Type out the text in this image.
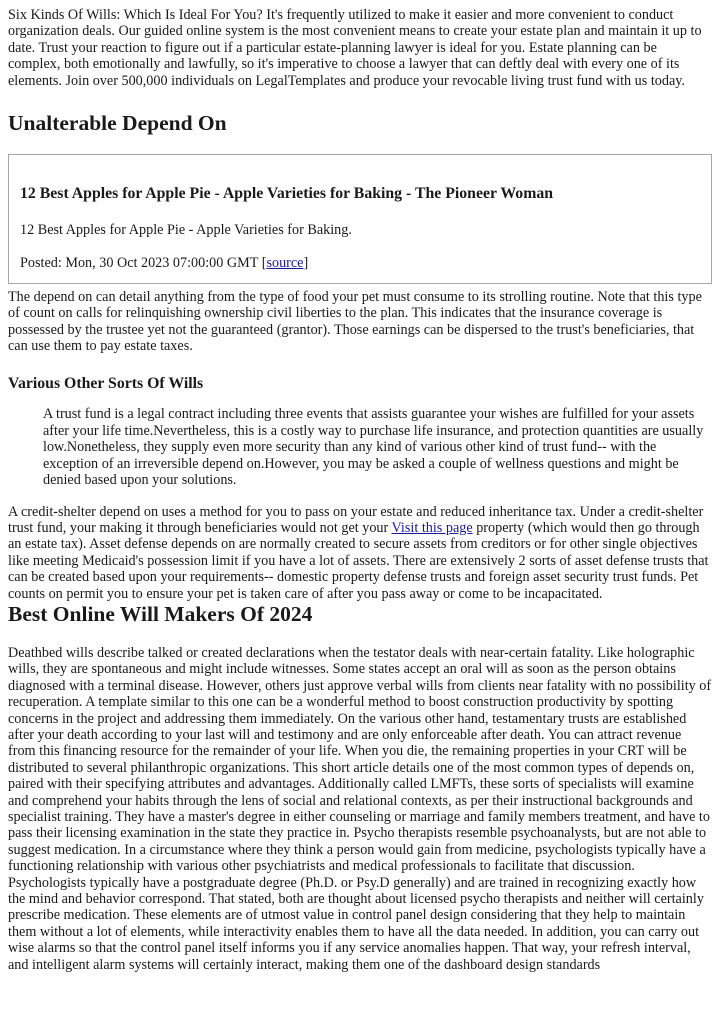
Six Kinds Of Wills: Which Is Ideal For You? It's frequently utilized to make it easier and more convenient to conduct organization deals. Our guided online system is the most convenient means to create your estate plan and maintain it up to date. Trust your reaction to figure out if a particular estate-planning lawyer is ideal for you. Estate planning can be complex, both emotionally and lawfully, so it's imperative to choose a lawyer that can deftly deal with every one of its elements. Join over 500,000 individuals on LegalTemplates and produce your revocable living trust fund with us today.

Unalterable Depend On
12 Best Apples for Apple Pie - Apple Varieties for Baking - The Pioneer Woman

12 Best Apples for Apple Pie - Apple Varieties for Baking.

Posted: Mon, 30 Oct 2023 07:00:00 GMT [source]

The depend on can detail anything from the type of food your pet must consume to its strolling routine. Note that this type of count on calls for relinquishing ownership civil liberties to the plan. This indicates that the insurance coverage is possessed by the trustee yet not the guaranteed (grantor). Those earnings can be dispersed to the trust's beneficiaries, that can use them to pay estate taxes.

Various Other Sorts Of Wills
A trust fund is a legal contract including three events that assists guarantee your wishes are fulfilled for your assets after your life time.Nevertheless, this is a costly way to purchase life insurance, and protection quantities are usually low.Nonetheless, they supply even more security than any kind of various other kind of trust fund-- with the exception of an irreversible depend on.However, you may be asked a couple of wellness questions and might be denied based upon your solutions.

A credit-shelter depend on uses a method for you to pass on your estate and reduced inheritance tax. Under a credit-shelter trust fund, your making it through beneficiaries would not get your Visit this page property (which would then go through an estate tax). Asset defense depends on are normally created to secure assets from creditors or for other single objectives like meeting Medicaid's possession limit if you have a lot of assets. There are extensively 2 sorts of asset defense trusts that can be created based upon your requirements-- domestic property defense trusts and foreign asset security trust funds. Pet counts on permit you to ensure your pet is taken care of after you pass away or come to be incapacitated.

Best Online Will Makers Of 2024

Deathbed wills describe talked or created declarations when the testator deals with near-certain fatality. Like holographic wills, they are spontaneous and might include witnesses. Some states accept an oral will as soon as the person obtains diagnosed with a terminal disease. However, others just approve verbal wills from clients near fatality with no possibility of recuperation. A template similar to this one can be a wonderful method to boost construction productivity by spotting concerns in the project and addressing them immediately. On the various other hand, testamentary trusts are established after your death according to your last will and testimony and are only enforceable after death. You can attract revenue from this financing resource for the remainder of your life. When you die, the remaining properties in your CRT will be distributed to several philanthropic organizations. This short article details one of the most common types of depends on, paired with their specifying attributes and advantages. Additionally called LMFTs, these sorts of specialists will examine and comprehend your habits through the lens of social and relational contexts, as per their instructional backgrounds and specialist training. They have a master's degree in either counseling or marriage and family members treatment, and have to pass their licensing examination in the state they practice in. Psycho therapists resemble psychoanalysts, but are not able to suggest medication. In a circumstance where they think a person would gain from medicine, psychologists typically have a functioning relationship with various other psychiatrists and medical professionals to facilitate that discussion. Psychologists typically have a postgraduate degree (Ph.D. or Psy.D generally) and are trained in recognizing exactly how the mind and behavior correspond. That stated, both are thought about licensed psycho therapists and neither will certainly prescribe medication. These elements are of utmost value in control panel design considering that they help to maintain them without a lot of elements, while interactivity enables them to have all the data needed. In addition, you can carry out wise alarms so that the control panel itself informs you if any service anomalies happen. That way, your refresh interval, and intelligent alarm systems will certainly interact, making them one of the dashboard design standards
